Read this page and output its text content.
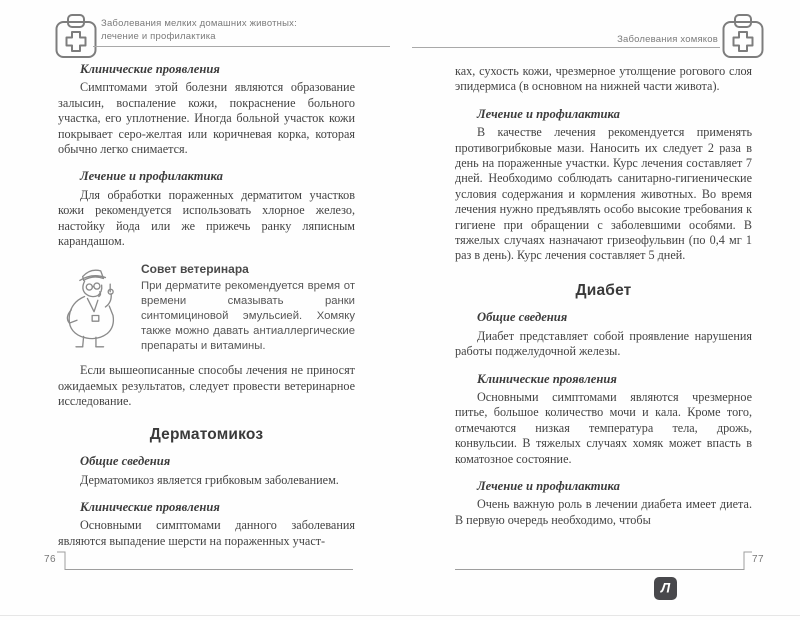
Заболевания мелких домашних животных:
лечение и профилактика
Клинические проявления

Симптомами этой болезни являются образование залысин, воспаление кожи, покраснение больного участка, его уплотнение. Иногда больной участок кожи покрывает серо-желтая или коричневая корка, которая обычно легко снимается.

Лечение и профилактика

Для обработки пораженных дерматитом участков кожи рекомендуется использовать хлорное железо, настойку йода или же прижечь ранку ляписным карандашом.

Совет ветеринара
При дерматите рекомендуется время от времени смазывать ранки синтомициновой эмульсией. Хомяку также можно давать антиаллергические препараты и витамины.

Если вышеописанные способы лечения не приносят ожидаемых результатов, следует провести ветеринарное исследование.

Дерматомикоз
Общие сведения

Дерматомикоз является грибковым заболеванием.

Клинические проявления

Основными симптомами данного заболевания являются выпадение шерсти на пораженных участ-

76
Заболевания хомяков

ках, сухость кожи, чрезмерное утолщение рогового слоя эпидермиса (в основном на нижней части живота).

Лечение и профилактика

В качестве лечения рекомендуется применять противогрибковые мази. Наносить их следует 2 раза в день на пораженные участки. Курс лечения составляет 7 дней. Необходимо соблюдать санитарно-гигиенические условия содержания и кормления животных. Во время лечения нужно предъявлять особо высокие требования к гигиене при обращении с заболевшими особями. В тяжелых случаях назначают гризеофульвин (по 0,4 мг 1 раз в день). Курс лечения составляет 5 дней.

Диабет
Общие сведения

Диабет представляет собой проявление нарушения работы поджелудочной железы.

Клинические проявления

Основными симптомами являются чрезмерное питье, большое количество мочи и кала. Кроме того, отмечаются низкая температура тела, дрожь, конвульсии. В тяжелых случаях хомяк может впасть в коматозное состояние.

Лечение и профилактика

Очень важную роль в лечении диабета имеет диета. В первую очередь необходимо, чтобы

77
Л
